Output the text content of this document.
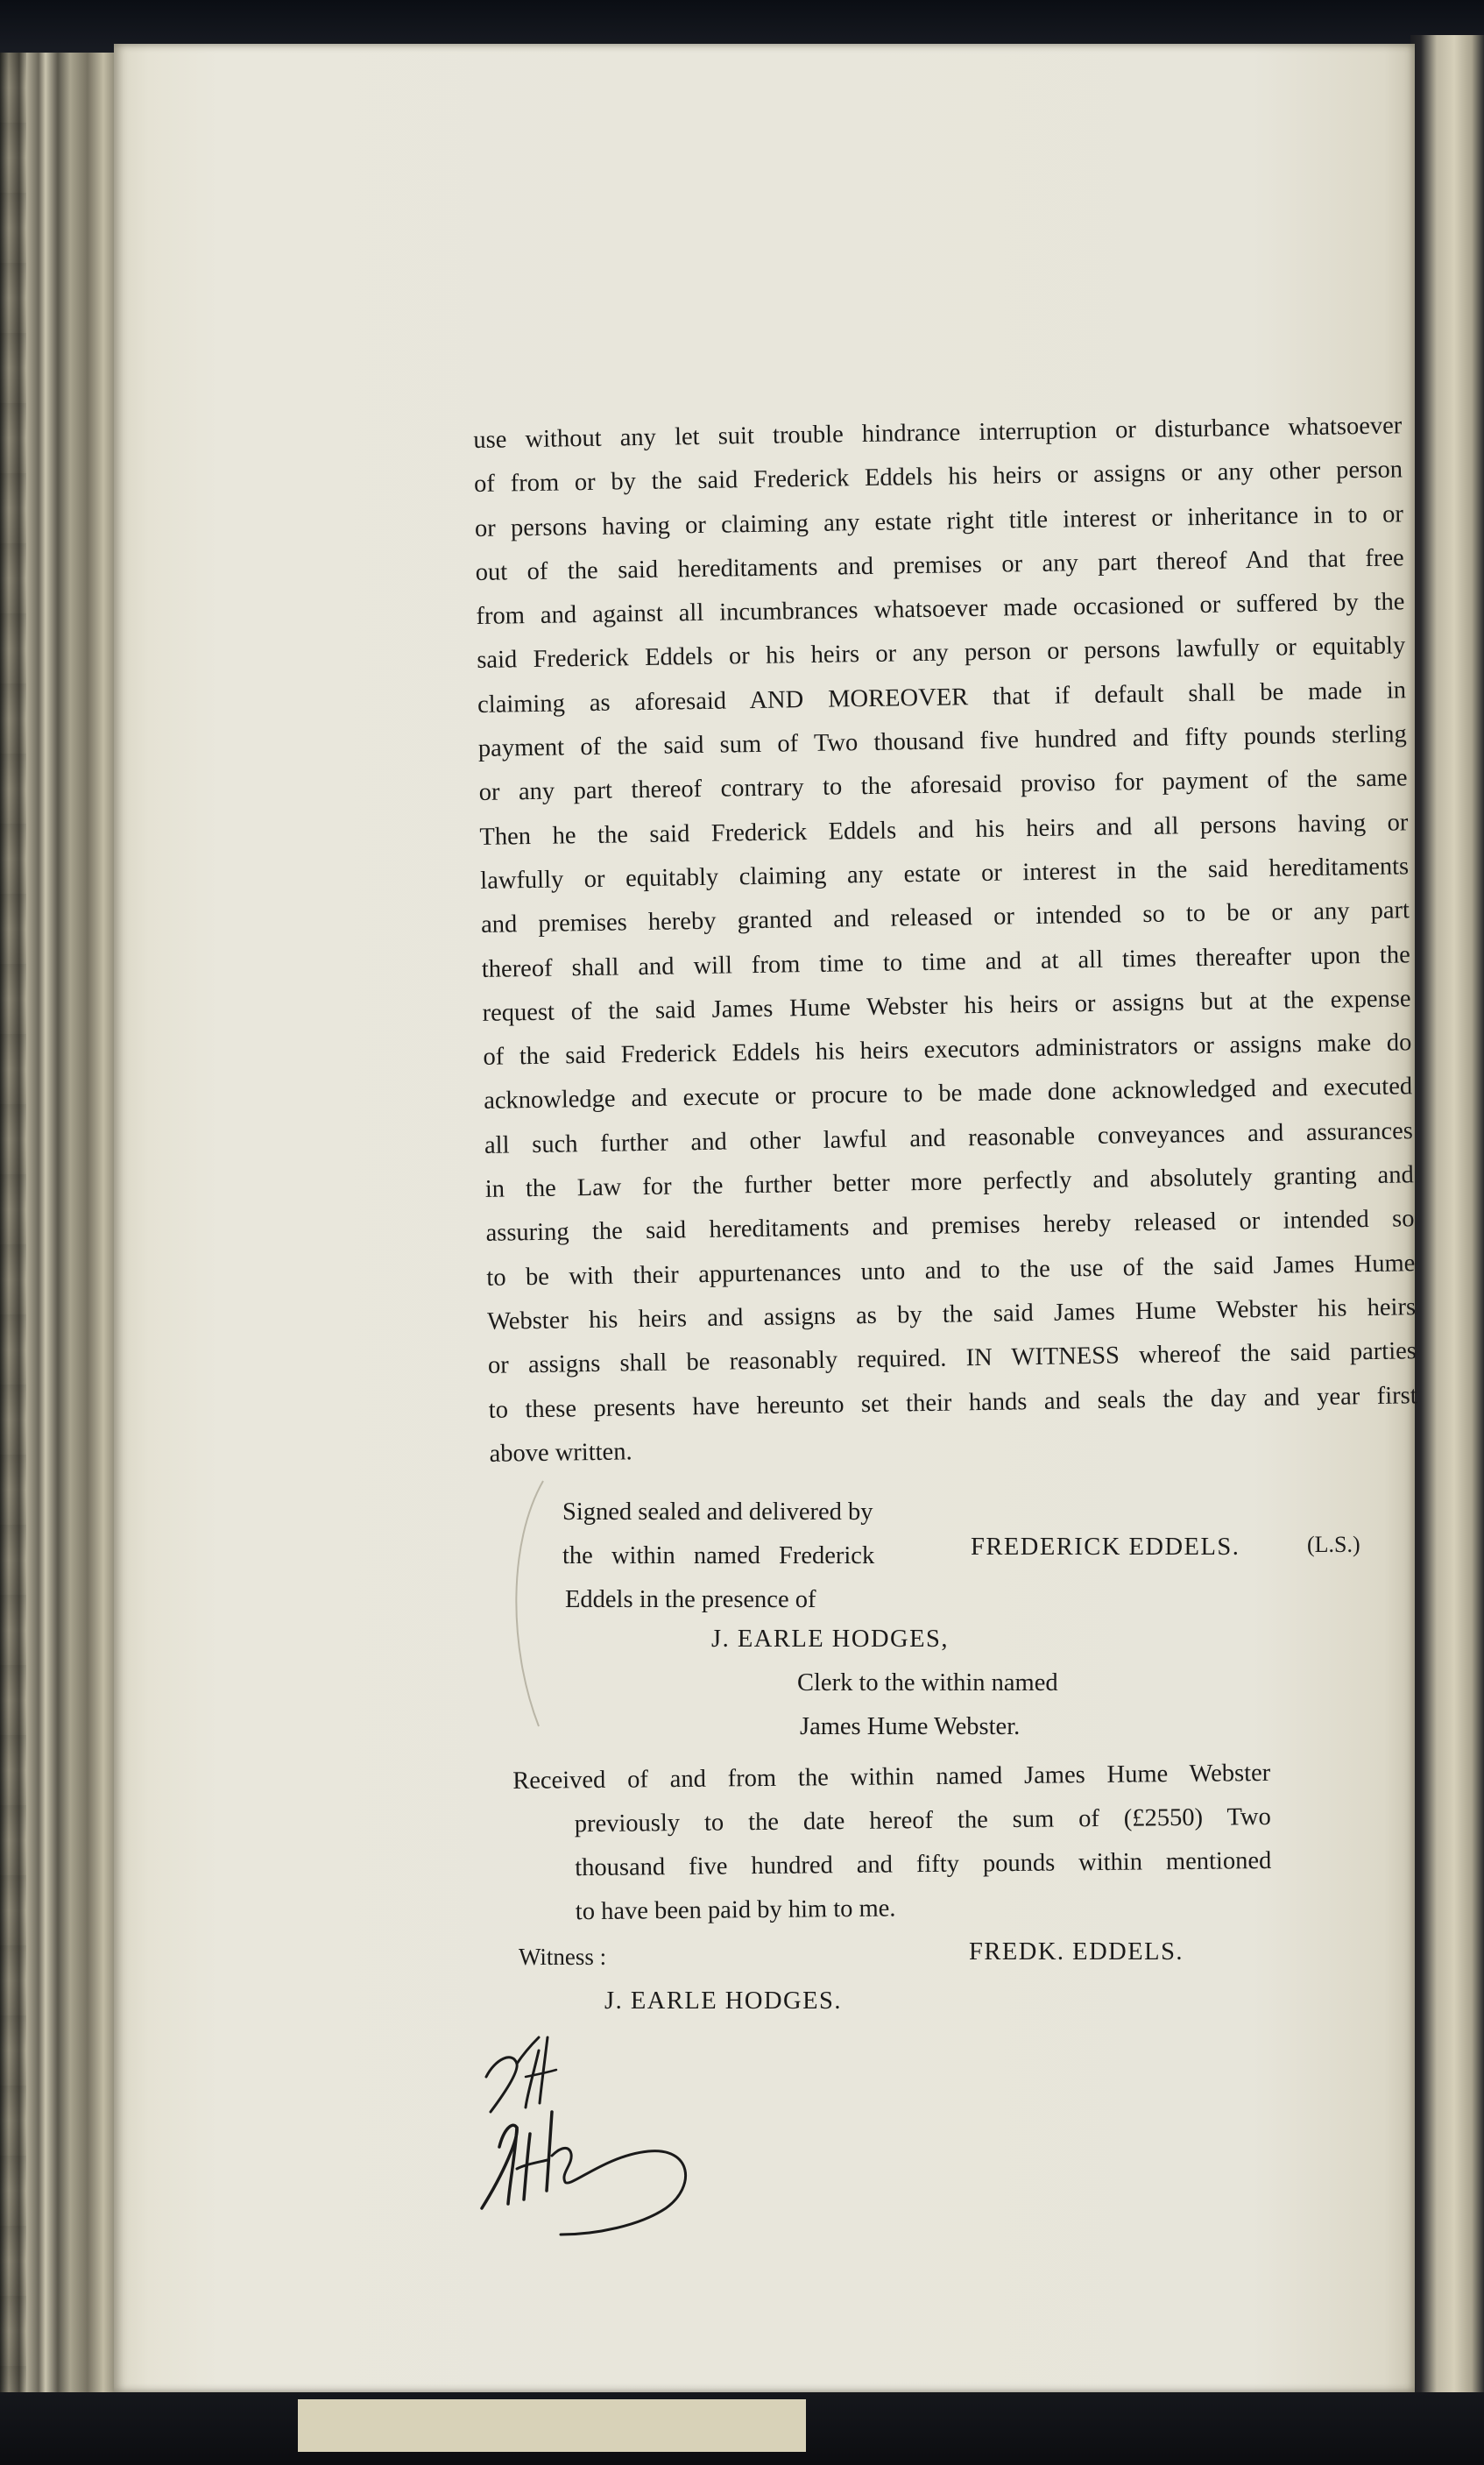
use without any let suit trouble hindrance interruption or disturbance whatsoever
of from or by the said Frederick Eddels his heirs or assigns or any other person
or persons having or claiming any estate right title interest or inheritance in to or
out of the said hereditaments and premises or any part thereof And that free
from and against all incumbrances whatsoever made occasioned or suffered by the
said Frederick Eddels or his heirs or any person or persons lawfully or equitably
claiming as aforesaid AND MOREOVER that if default shall be made in
payment of the said sum of Two thousand five hundred and fifty pounds sterling
or any part thereof contrary to the aforesaid proviso for payment of the same
Then he the said Frederick Eddels and his heirs and all persons having or
lawfully or equitably claiming any estate or interest in the said hereditaments
and premises hereby granted and released or intended so to be or any part
thereof shall and will from time to time and at all times thereafter upon the
request of the said James Hume Webster his heirs or assigns but at the expense
of the said Frederick Eddels his heirs executors administrators or assigns make do
acknowledge and execute or procure to be made done acknowledged and executed
all such further and other lawful and reasonable conveyances and assurances
in the Law for the further better more perfectly and absolutely granting and
assuring the said hereditaments and premises hereby released or intended so
to be with their appurtenances unto and to the use of the said James Hume
Webster his heirs and assigns as by the said James Hume Webster his heirs
or assigns shall be reasonably required. IN WITNESS whereof the said parties
to these presents have hereunto set their hands and seals the day and year first
above written.
Signed sealed and delivered by
the within named Frederick
Eddels in the presence of
FREDERICK EDDELS.	(L.S.)
J. EARLE HODGES,
Clerk to the within named
James Hume Webster.
Received of and from the within named James Hume Webster
previously to the date hereof the sum of (£2550) Two
thousand five hundred and fifty pounds within mentioned
to have been paid by him to me.
Witness :	FREDK. EDDELS.
J. EARLE HODGES.
